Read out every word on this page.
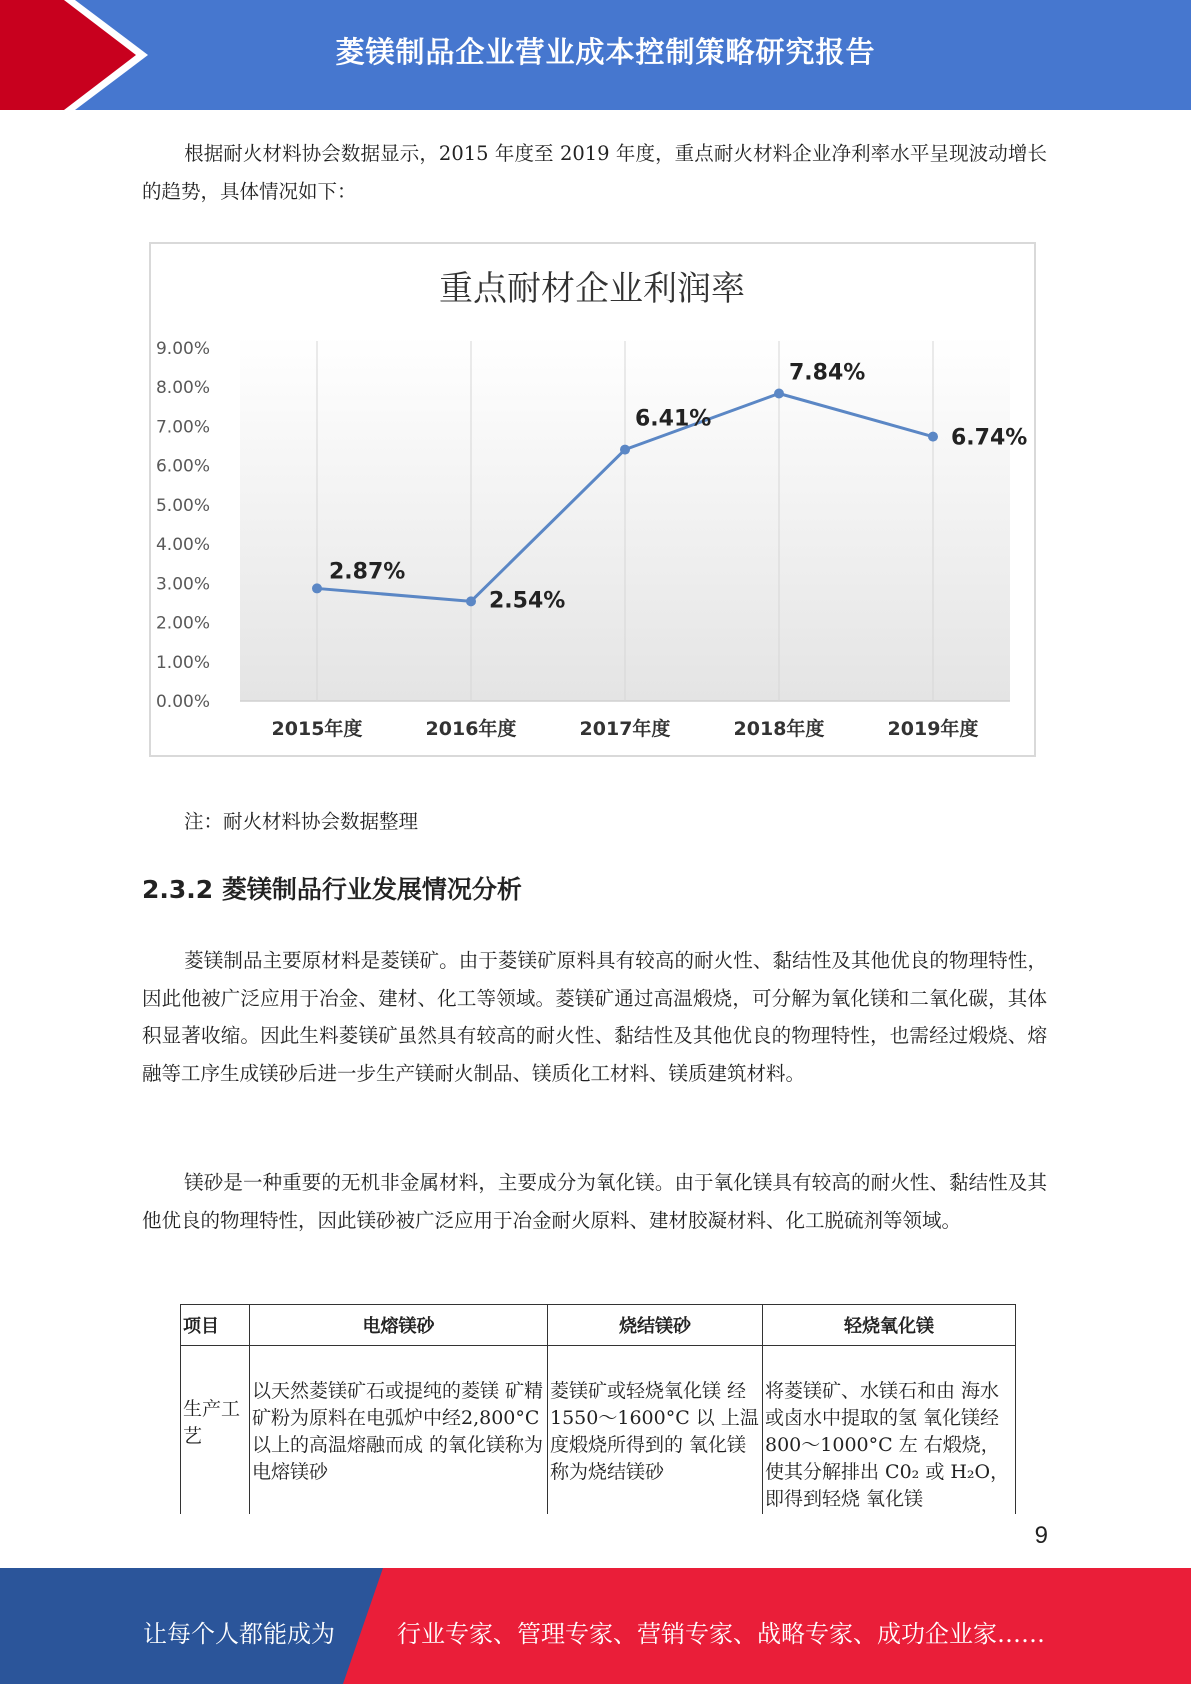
菱镁制品企业营业成本控制策略研究报告
根据耐火材料协会数据显示，2015 年度至 2019 年度，重点耐火材料企业净利率水平呈现波动增长的趋势，具体情况如下：
重点耐材企业利润率
0.00%
1.00%
2.00%
3.00%
4.00%
5.00%
6.00%
7.00%
8.00%
9.00%
2015年度	2016年度	2017年度	2018年度	2019年度
2.87%
2.54%
6.41%
7.84%
6.74%
注：耐火材料协会数据整理
2.3.2 菱镁制品行业发展情况分析
菱镁制品主要原材料是菱镁矿。由于菱镁矿原料具有较高的耐火性、黏结性及其他优良的物理特性，因此他被广泛应用于冶金、建材、化工等领域。菱镁矿通过高温煅烧，可分解为氧化镁和二氧化碳，其体积显著收缩。因此生料菱镁矿虽然具有较高的耐火性、黏结性及其他优良的物理特性，也需经过煅烧、熔融等工序生成镁砂后进一步生产镁耐火制品、镁质化工材料、镁质建筑材料。
镁砂是一种重要的无机非金属材料，主要成分为氧化镁。由于氧化镁具有较高的耐火性、黏结性及其他优良的物理特性，因此镁砂被广泛应用于冶金耐火原料、建材胶凝材料、化工脱硫剂等领域。
项目	电熔镁砂	烧结镁砂	轻烧氧化镁
生产工艺	以天然菱镁矿石或提纯的菱镁 矿精矿粉为原料在电弧炉中经2,800°C 以上的高温熔融而成 的氧化镁称为电熔镁砂	菱镁矿或轻烧氧化镁 经 1550～1600°C 以 上温度煅烧所得到的 氧化镁称为烧结镁砂	将菱镁矿、水镁石和由 海水或卤水中提取的氢 氧化镁经 800～1000°C 左 右煅烧，使其分解排出 C0₂ 或 H₂O，即得到轻烧 氧化镁
9
让每个人都能成为	行业专家、管理专家、营销专家、战略专家、成功企业家……
